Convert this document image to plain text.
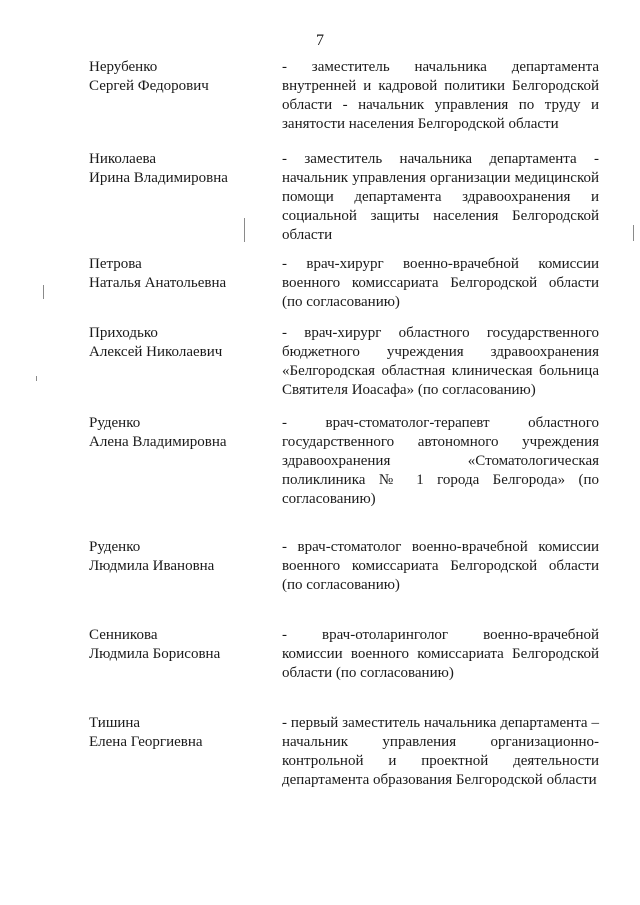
7
Нерубенко
Сергей Федорович
- заместитель начальника департамента внутренней и кадровой политики Белгородской области - начальник управления по труду и занятости населения Белгородской области
Николаева
Ирина Владимировна
- заместитель начальника департамента - начальник управления организации медицинской помощи департамента здравоохранения и социальной защиты населения Белгородской области
Петрова
Наталья Анатольевна
- врач-хирург военно-врачебной комиссии военного комиссариата Белгородской области (по согласованию)
Приходько
Алексей Николаевич
- врач-хирург областного государственного бюджетного учреждения здравоохранения «Белгородская областная клиническая больница Святителя Иоасафа» (по согласованию)
Руденко
Алена Владимировна
- врач-стоматолог-терапевт областного государственного автономного учреждения здравоохранения «Стоматологическая поликлиника № 1 города Белгорода» (по согласованию)
Руденко
Людмила Ивановна
- врач-стоматолог военно-врачебной комиссии военного комиссариата Белгородской области (по согласованию)
Сенникова
Людмила Борисовна
- врач-отоларинголог военно-врачебной комиссии военного комиссариата Белгородской области (по согласованию)
Тишина
Елена Георгиевна
- первый заместитель начальника департамента – начальник управления организационно-контрольной и проектной деятельности департамента образования Белгородской области
